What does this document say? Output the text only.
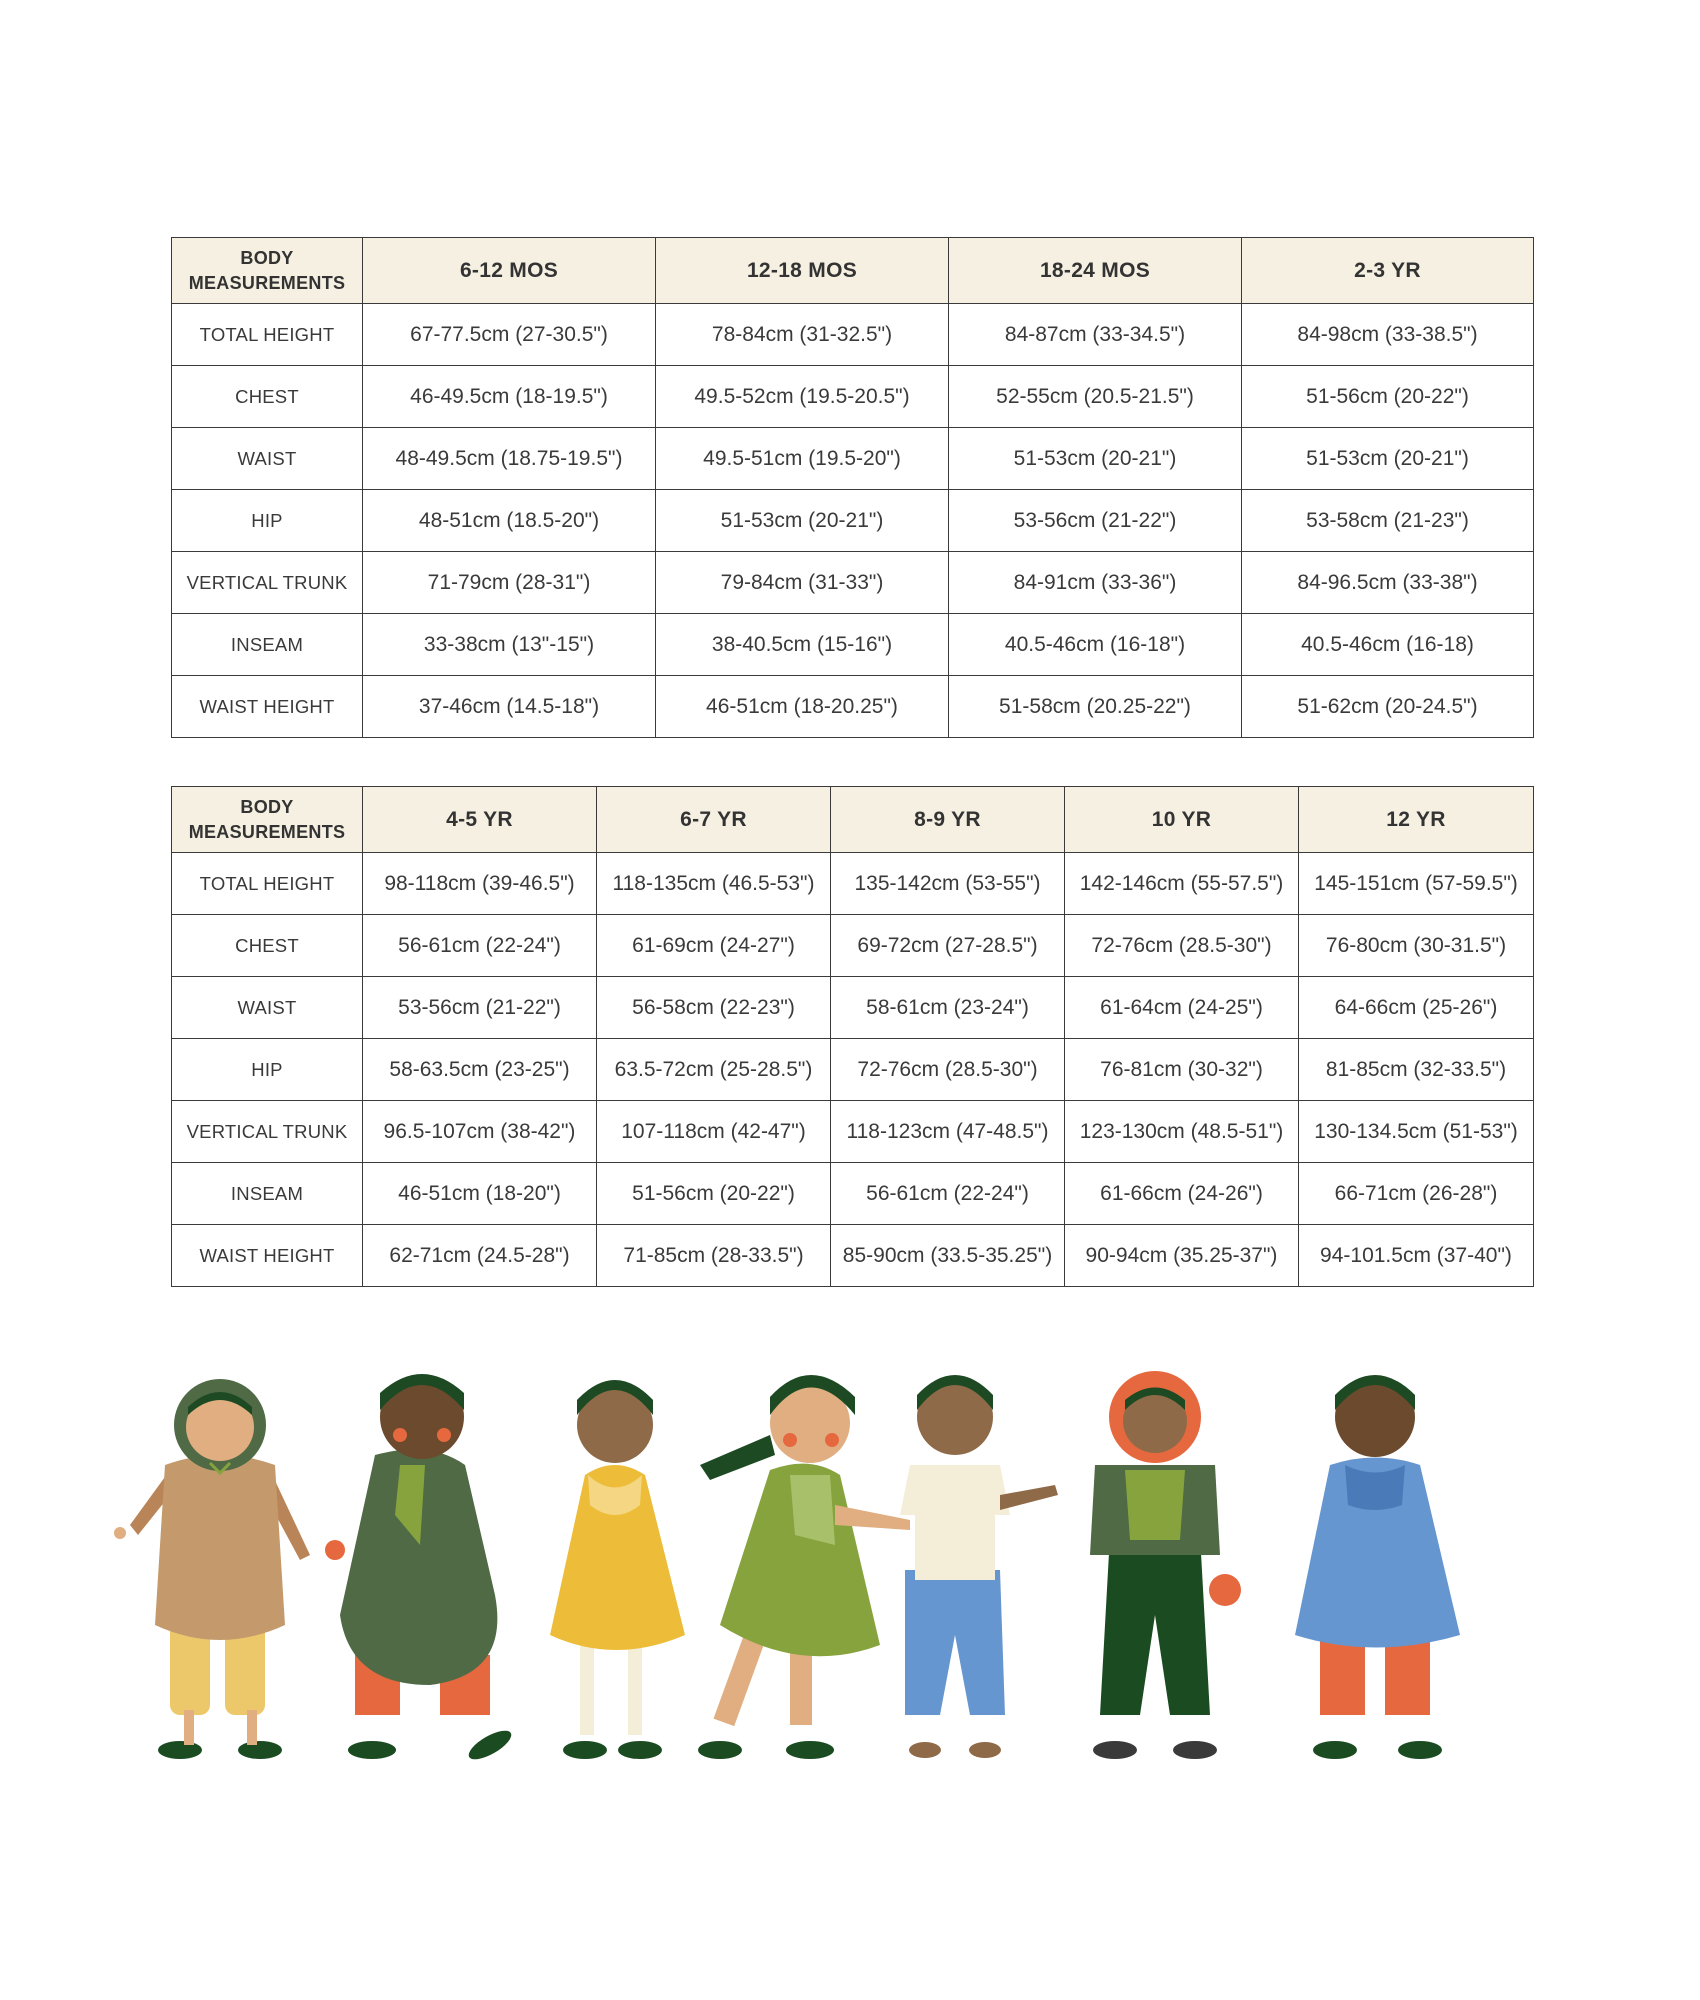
BODY
MEASUREMENTS	6-12 MOS	12-18 MOS	18-24 MOS	2-3 YR
TOTAL HEIGHT	67-77.5cm (27-30.5")	78-84cm (31-32.5")	84-87cm (33-34.5")	84-98cm (33-38.5")
CHEST	46-49.5cm (18-19.5")	49.5-52cm (19.5-20.5")	52-55cm (20.5-21.5")	51-56cm (20-22")
WAIST	48-49.5cm (18.75-19.5")	49.5-51cm (19.5-20")	51-53cm (20-21")	51-53cm (20-21")
HIP	48-51cm (18.5-20")	51-53cm (20-21")	53-56cm (21-22")	53-58cm (21-23")
VERTICAL TRUNK	71-79cm (28-31")	79-84cm (31-33")	84-91cm (33-36")	84-96.5cm (33-38")
INSEAM	33-38cm (13"-15")	38-40.5cm (15-16")	40.5-46cm (16-18")	40.5-46cm (16-18)
WAIST HEIGHT	37-46cm (14.5-18")	46-51cm (18-20.25")	51-58cm (20.25-22")	51-62cm (20-24.5")
BODY
MEASUREMENTS	4-5 YR	6-7 YR	8-9 YR	10 YR	12 YR
TOTAL HEIGHT	98-118cm (39-46.5")	118-135cm (46.5-53")	135-142cm (53-55")	142-146cm (55-57.5")	145-151cm (57-59.5")
CHEST	56-61cm (22-24")	61-69cm (24-27")	69-72cm (27-28.5")	72-76cm (28.5-30")	76-80cm (30-31.5")
WAIST	53-56cm (21-22")	56-58cm (22-23")	58-61cm (23-24")	61-64cm (24-25")	64-66cm (25-26")
HIP	58-63.5cm (23-25")	63.5-72cm (25-28.5")	72-76cm (28.5-30")	76-81cm (30-32")	81-85cm (32-33.5")
VERTICAL TRUNK	96.5-107cm (38-42")	107-118cm (42-47")	118-123cm (47-48.5")	123-130cm (48.5-51")	130-134.5cm (51-53")
INSEAM	46-51cm (18-20")	51-56cm (20-22")	56-61cm (22-24")	61-66cm (24-26")	66-71cm (26-28")
WAIST HEIGHT	62-71cm (24.5-28")	71-85cm (28-33.5")	85-90cm (33.5-35.25")	90-94cm (35.25-37")	94-101.5cm (37-40")
